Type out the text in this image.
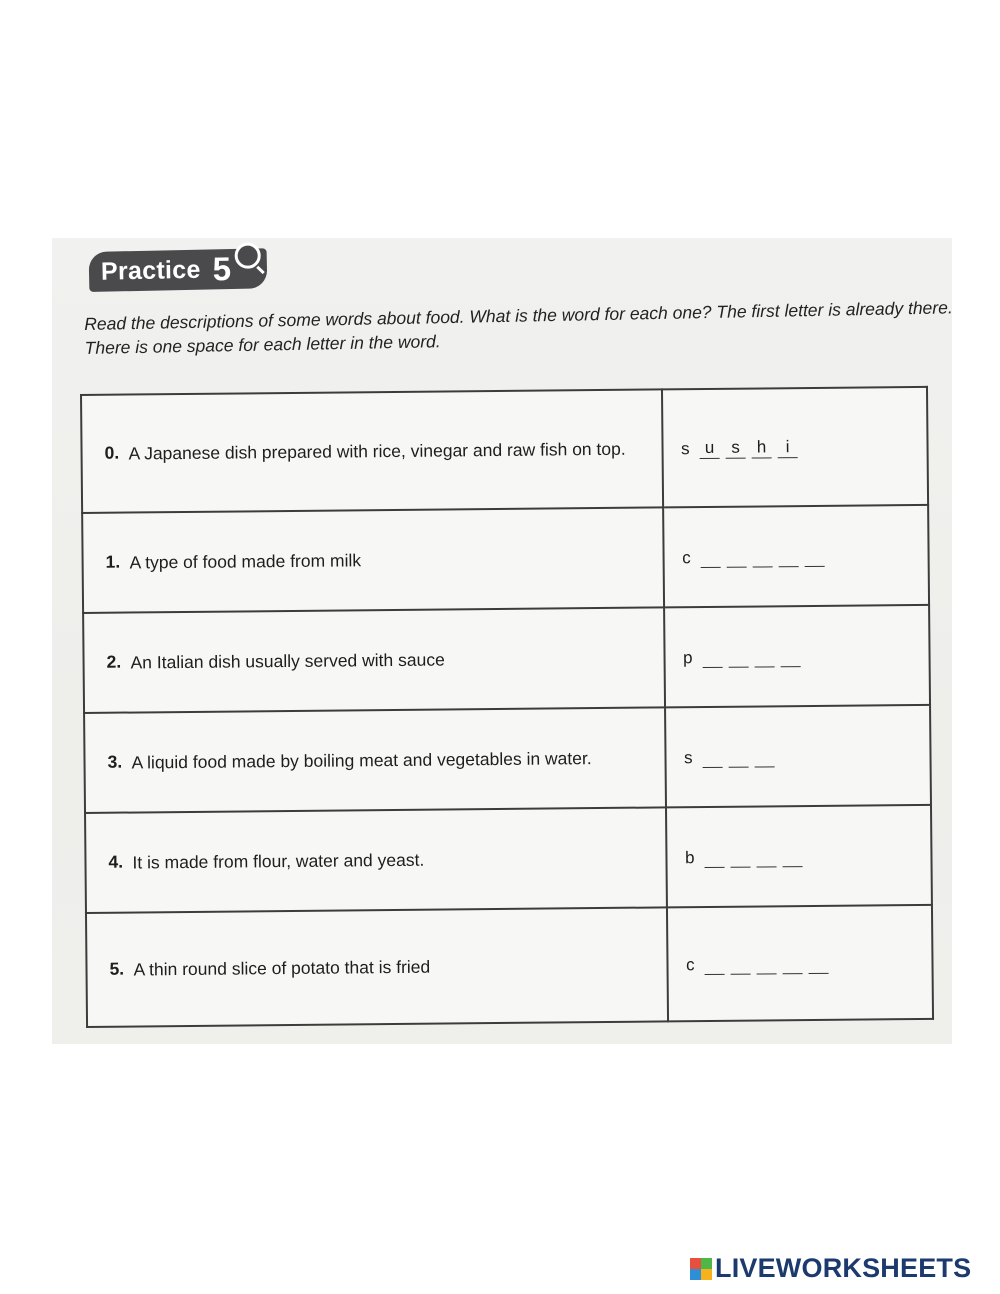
Practice 5

Read the descriptions of some words about food. What is the word for each one? The first letter is already there. There is one space for each letter in the word.

0. A Japanese dish prepared with rice, vinegar and raw fish on top.	s u s h i

1. A type of food made from milk	c

2. An Italian dish usually served with sauce	p

3. A liquid food made by boiling meat and vegetables in water.	s

4. It is made from flour, water and yeast.	b

5. A thin round slice of potato that is fried	c
LIVEWORKSHEETS
